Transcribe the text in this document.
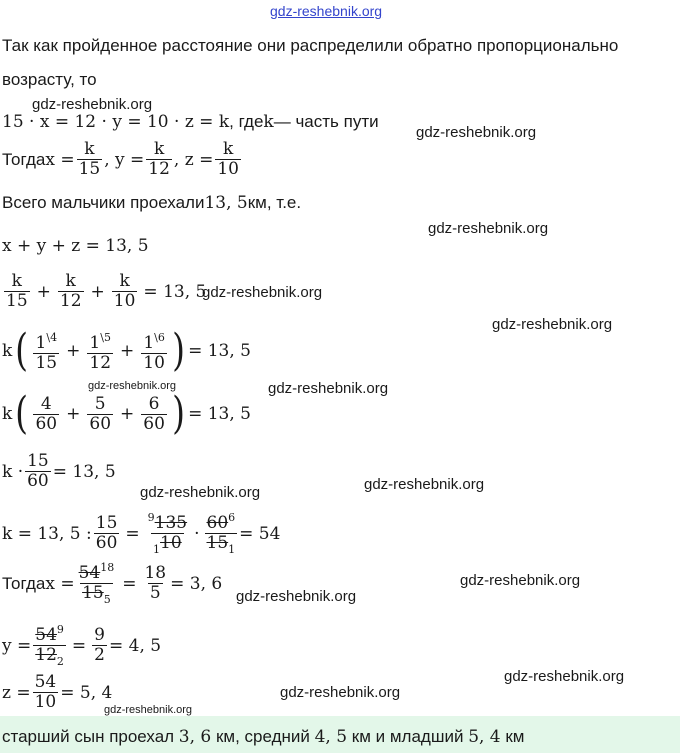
gdz-reshebnik.org
Так как пройденное расстояние они распределили обратно пропорционально
возрасту, то
15 · x = 12 · y = 10 · z = k , где k — часть пути
Тогда $x = \frac{k}{15}$ , $y = \frac{k}{12}$ , $z = \frac{k}{10}$
Всего мальчики проехали 13, 5 км, т.е.
x + y + z = 13, 5
$\frac{k}{15} + \frac{k}{12} + \frac{k}{10} = 13$, 5
k ( $\frac{1^{\backslash 4}}{15} + \frac{1^{\backslash 5}}{12} + \frac{1^{\backslash 6}}{10}$ ) = 13, 5
k ( $\frac{4}{60} + \frac{5}{60} + \frac{6}{60}$ ) = 13, 5
$k \cdot \frac{15}{60} = 13$, 5
k = 13, 5 : $\frac{15}{60} = \frac{^9135}{_110} \cdot \frac{60^6}{15_1} = 54$
Тогда $x = \frac{54^{18}}{15_5} = \frac{18}{5} = 3$, 6
$y = \frac{54^9}{12_2} = \frac{9}{2} = 4$, 5
$z = \frac{54}{10} = 5$, 4
старший сын проехал 3, 6 км, средний 4, 5 км и младший 5, 4 км
gdz-reshebnik.org
gdz-reshebnik.org
gdz-reshebnik.org
gdz-reshebnik.org
gdz-reshebnik.org
gdz-reshebnik.org	gdz-reshebnik.org
gdz-reshebnik.org	gdz-reshebnik.org
gdz-reshebnik.org
gdz-reshebnik.org
gdz-reshebnik.org
gdz-reshebnik.org
gdz-reshebnik.org
